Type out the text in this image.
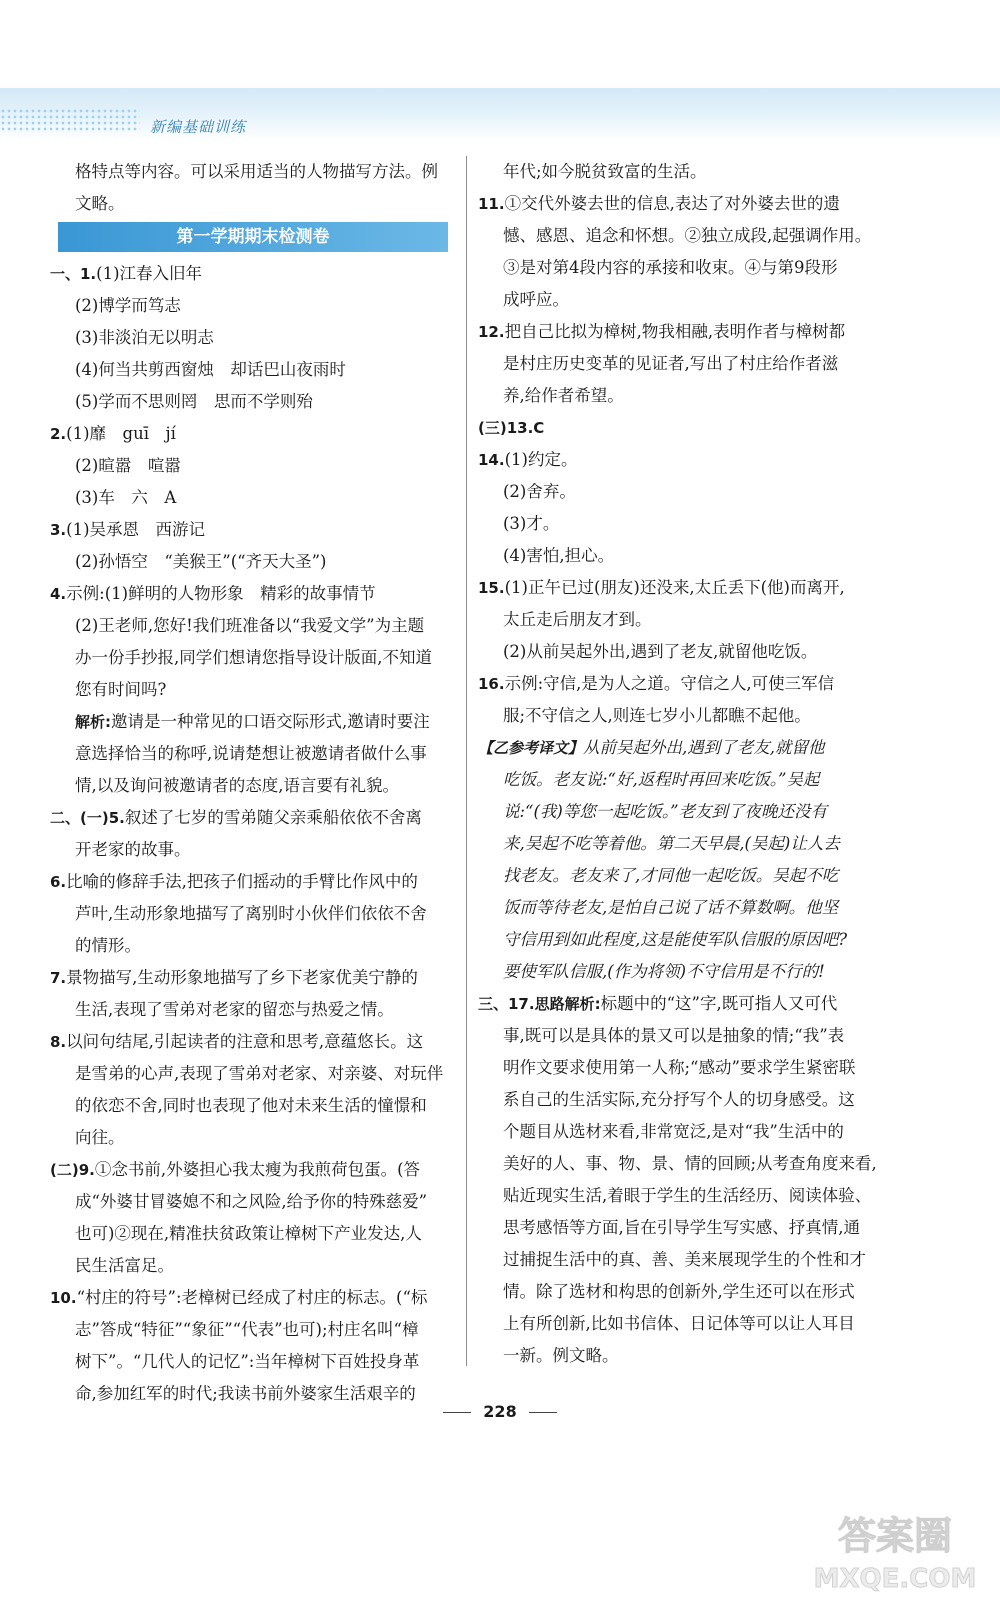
新编基础训练

格特点等内容。可以采用适当的人物描写方法。例

文略。

第一学期期末检测卷

一、1.(1)江春入旧年

(2)博学而笃志

(3)非淡泊无以明志

(4)何当共剪西窗烛　却话巴山夜雨时

(5)学而不思则罔　思而不学则殆

2.(1)靡　guī　jí

(2)暄嚣　喧嚣

(3)车　六　A

3.(1)吴承恩　西游记

(2)孙悟空　“美猴王”(“齐天大圣”)

4.示例:(1)鲜明的人物形象　精彩的故事情节

(2)王老师,您好!我们班准备以“我爱文学”为主题

办一份手抄报,同学们想请您指导设计版面,不知道

您有时间吗?

解析:邀请是一种常见的口语交际形式,邀请时要注

意选择恰当的称呼,说请楚想让被邀请者做什么事

情,以及询问被邀请者的态度,语言要有礼貌。

二、(一)5.叙述了七岁的雪弟随父亲乘船依依不舍离

开老家的故事。

6.比喻的修辞手法,把孩子们摇动的手臂比作风中的

芦叶,生动形象地描写了离别时小伙伴们依依不舍

的情形。

7.景物描写,生动形象地描写了乡下老家优美宁静的

生活,表现了雪弟对老家的留恋与热爱之情。

8.以问句结尾,引起读者的注意和思考,意蕴悠长。这

是雪弟的心声,表现了雪弟对老家、对亲婆、对玩伴

的依恋不舍,同时也表现了他对未来生活的憧憬和

向往。

(二)9.①念书前,外婆担心我太瘦为我煎荷包蛋。(答

成“外婆甘冒婆媳不和之风险,给予你的特殊慈爱”

也可)②现在,精准扶贫政策让樟树下产业发达,人

民生活富足。

10.“村庄的符号”:老樟树已经成了村庄的标志。(“标

志”答成“特征”“象征”“代表”也可);村庄名叫“樟

树下”。“几代人的记忆”:当年樟树下百姓投身革

命,参加红军的时代;我读书前外婆家生活艰辛的

年代;如今脱贫致富的生活。

11.①交代外婆去世的信息,表达了对外婆去世的遗

憾、感恩、追念和怀想。②独立成段,起强调作用。

③是对第4段内容的承接和收束。④与第9段形

成呼应。

12.把自己比拟为樟树,物我相融,表明作者与樟树都

是村庄历史变革的见证者,写出了村庄给作者滋

养,给作者希望。

(三)13.C

14.(1)约定。

(2)舍弃。

(3)才。

(4)害怕,担心。

15.(1)正午已过(朋友)还没来,太丘丢下(他)而离开,

太丘走后朋友才到。

(2)从前吴起外出,遇到了老友,就留他吃饭。

16.示例:守信,是为人之道。守信之人,可使三军信

服;不守信之人,则连七岁小儿都瞧不起他。

【乙参考译文】从前吴起外出,遇到了老友,就留他

吃饭。老友说:“好,返程时再回来吃饭。”吴起

说:“(我)等您一起吃饭。”老友到了夜晚还没有

来,吴起不吃等着他。第二天早晨,(吴起)让人去

找老友。老友来了,才同他一起吃饭。吴起不吃

饭而等待老友,是怕自己说了话不算数啊。他坚

守信用到如此程度,这是能使军队信服的原因吧?

要使军队信服,(作为将领)不守信用是不行的!

三、17.思路解析:标题中的“这”字,既可指人又可代

事,既可以是具体的景又可以是抽象的情;“我”表

明作文要求使用第一人称;“感动”要求学生紧密联

系自己的生活实际,充分抒写个人的切身感受。这

个题目从选材来看,非常宽泛,是对“我”生活中的

美好的人、事、物、景、情的回顾;从考查角度来看,

贴近现实生活,着眼于学生的生活经历、阅读体验、

思考感悟等方面,旨在引导学生写实感、抒真情,通

过捕捉生活中的真、善、美来展现学生的个性和才

情。除了选材和构思的创新外,学生还可以在形式

上有所创新,比如书信体、日记体等可以让人耳目

一新。例文略。

228
答案圈
MXQE.COM
